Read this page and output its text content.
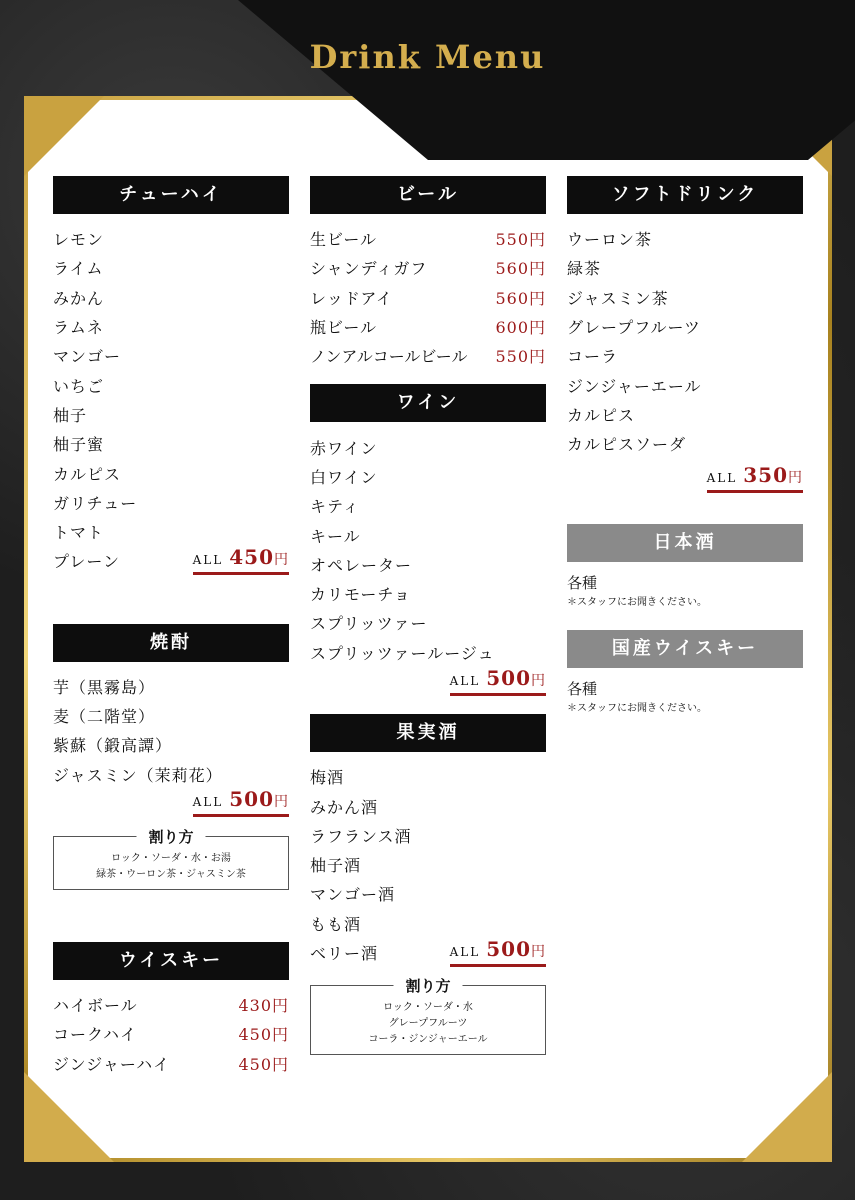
Drink Menu
チューハイ
レモン
ライム
みかん
ラムネ
マンゴー
いちご
柚子
柚子蜜
カルピス
ガリチュー
トマト
プレーン	ALL 450円
焼酎
芋（黒霧島）
麦（二階堂）
紫蘇（鍛高譚）
ジャスミン（茉莉花）
ALL 500円
割り方
ロック・ソーダ・水・お湯
緑茶・ウーロン茶・ジャスミン茶
ウイスキー
ハイボール	430円
コークハイ	450円
ジンジャーハイ	450円
ビール
生ビール	550円
シャンディガフ	560円
レッドアイ	560円
瓶ビール	600円
ノンアルコールビール 550円
ワイン
赤ワイン
白ワイン
キティ
キール
オペレーター
カリモーチョ
スプリッツァー
スプリッツァールージュ
ALL 500円
果実酒
梅酒
みかん酒
ラフランス酒
柚子酒
マンゴー酒
もも酒
ベリー酒	ALL 500円
割り方
ロック・ソーダ・水
グレープフルーツ
コーラ・ジンジャーエール
ソフトドリンク
ウーロン茶
緑茶
ジャスミン茶
グレープフルーツ
コーラ
ジンジャーエール
カルピス
カルピスソーダ
ALL 350円
日本酒
各種
＊スタッフにお聞きください。
国産ウイスキー
各種
＊スタッフにお聞きください。
